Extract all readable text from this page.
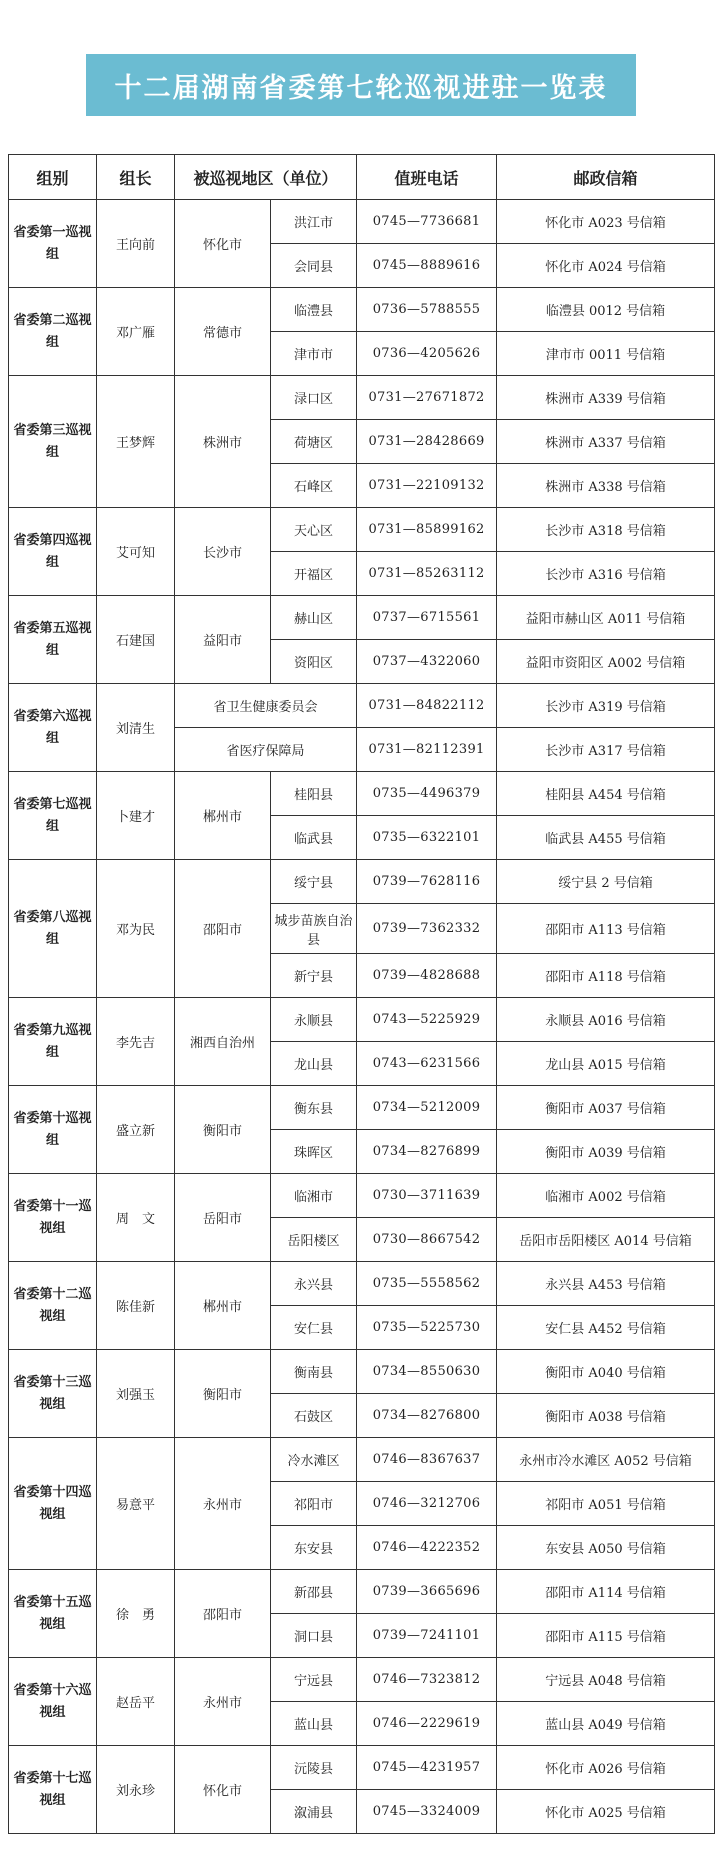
十二届湖南省委第七轮巡视进驻一览表
组别	组长	被巡视地区（单位）		值班电话	邮政信箱
省委第一巡视组	王向前	怀化市	洪江市	0745—7736681	怀化市 A023 号信箱
			会同县	0745—8889616	怀化市 A024 号信箱
省委第二巡视组	邓广雁	常德市	临澧县	0736—5788555	临澧县 0012 号信箱
			津市市	0736—4205626	津市市 0011 号信箱
省委第三巡视组	王梦辉	株洲市	渌口区	0731—27671872	株洲市 A339 号信箱
			荷塘区	0731—28428669	株洲市 A337 号信箱
			石峰区	0731—22109132	株洲市 A338 号信箱
省委第四巡视组	艾可知	长沙市	天心区	0731—85899162	长沙市 A318 号信箱
			开福区	0731—85263112	长沙市 A316 号信箱
省委第五巡视组	石建国	益阳市	赫山区	0737—6715561	益阳市赫山区 A011 号信箱
			资阳区	0737—4322060	益阳市资阳区 A002 号信箱
省委第六巡视组	刘清生	省卫生健康委员会		0731—84822112	长沙市 A319 号信箱
		省医疗保障局		0731—82112391	长沙市 A317 号信箱
省委第七巡视组	卜建才	郴州市	桂阳县	0735—4496379	桂阳县 A454 号信箱
			临武县	0735—6322101	临武县 A455 号信箱
省委第八巡视组	邓为民	邵阳市	绥宁县	0739—7628116	绥宁县 2 号信箱
			城步苗族自治县	0739—7362332	邵阳市 A113 号信箱
			新宁县	0739—4828688	邵阳市 A118 号信箱
省委第九巡视组	李先吉	湘西自治州	永顺县	0743—5225929	永顺县 A016 号信箱
			龙山县	0743—6231566	龙山县 A015 号信箱
省委第十巡视组	盛立新	衡阳市	衡东县	0734—5212009	衡阳市 A037 号信箱
			珠晖区	0734—8276899	衡阳市 A039 号信箱
省委第十一巡视组	周　文	岳阳市	临湘市	0730—3711639	临湘市 A002 号信箱
			岳阳楼区	0730—8667542	岳阳市岳阳楼区 A014 号信箱
省委第十二巡视组	陈佳新	郴州市	永兴县	0735—5558562	永兴县 A453 号信箱
			安仁县	0735—5225730	安仁县 A452 号信箱
省委第十三巡视组	刘强玉	衡阳市	衡南县	0734—8550630	衡阳市 A040 号信箱
			石鼓区	0734—8276800	衡阳市 A038 号信箱
省委第十四巡视组	易意平	永州市	冷水滩区	0746—8367637	永州市冷水滩区 A052 号信箱
			祁阳市	0746—3212706	祁阳市 A051 号信箱
			东安县	0746—4222352	东安县 A050 号信箱
省委第十五巡视组	徐　勇	邵阳市	新邵县	0739—3665696	邵阳市 A114 号信箱
			洞口县	0739—7241101	邵阳市 A115 号信箱
省委第十六巡视组	赵岳平	永州市	宁远县	0746—7323812	宁远县 A048 号信箱
			蓝山县	0746—2229619	蓝山县 A049 号信箱
省委第十七巡视组	刘永珍	怀化市	沅陵县	0745—4231957	怀化市 A026 号信箱
			溆浦县	0745—3324009	怀化市 A025 号信箱
